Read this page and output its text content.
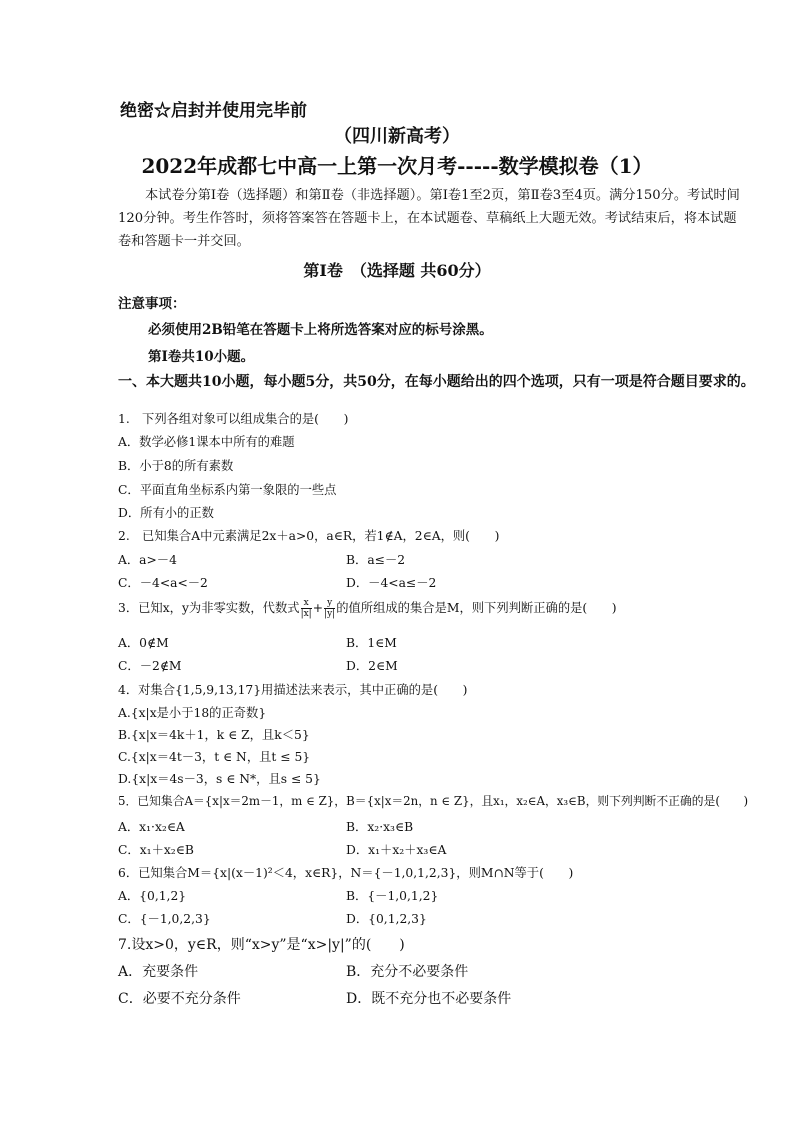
绝密☆启封并使用完毕前
（四川新高考）
2022年成都七中高一上第一次月考-----数学模拟卷（1）
本试卷分第Ⅰ卷（选择题）和第Ⅱ卷（非选择题）。第Ⅰ卷1至2页，第Ⅱ卷3至4页。满分150分。考试时间120分钟。考生作答时，须将答案答在答题卡上，在本试题卷、草稿纸上大题无效。考试结束后，将本试题卷和答题卡一并交回。
第Ⅰ卷　（选择题 共60分）
注意事项：
必须使用2B铅笔在答题卡上将所选答案对应的标号涂黑。
第Ⅰ卷共10小题。
一、本大题共10小题，每小题5分，共50分，在每小题给出的四个选项，只有一项是符合题目要求的。
1.　下列各组对象可以组成集合的是(　　)
A．数学必修1课本中所有的难题
B．小于8的所有素数
C．平面直角坐标系内第一象限的一些点
D．所有小的正数
2.　已知集合A中元素满足2x＋a>0，a∈R，若1∉A，2∈A，则(　　)
A．a>－4	B．a≤－2
C．－4<a<－2	D．－4<a≤－2
3．已知x，y为非零实数，代数式 $\frac{x}{|x|} + \frac{y}{|y|}$ 的值所组成的集合是M，则下列判断正确的是(　　)
A．0∉M	B．1∈M
C．－2∉M	D．2∈M
4．对集合{1,5,9,13,17}用描述法来表示，其中正确的是(　　)
A.{x|x是小于18的正奇数}
B.{x|x＝4k＋1，k ∈ Z，且k＜5}
C.{x|x＝4t－3，t ∈ N，且t ≤ 5}
D.{x|x＝4s－3，s ∈ N*，且s ≤ 5}
5．已知集合A＝{x|x＝2m－1，m ∈ Z}，B＝{x|x＝2n，n ∈ Z}，且x₁，x₂∈A，x₃∈B，则下列判断不正确的是(　　)
A．x₁·x₂∈A	B．x₂·x₃∈B
C．x₁＋x₂∈B	D．x₁＋x₂＋x₃∈A
6．已知集合M＝{x|(x－1)²＜4，x∈R}，N＝{－1,0,1,2,3}，则M∩N等于(　　)
A．{0,1,2}	B．{－1,0,1,2}
C．{－1,0,2,3}	D．{0,1,2,3}
7.设x>0，y∈R，则“x>y”是“x>|y|”的(　　)
A．充要条件	B．充分不必要条件
C．必要不充分条件	D．既不充分也不必要条件
